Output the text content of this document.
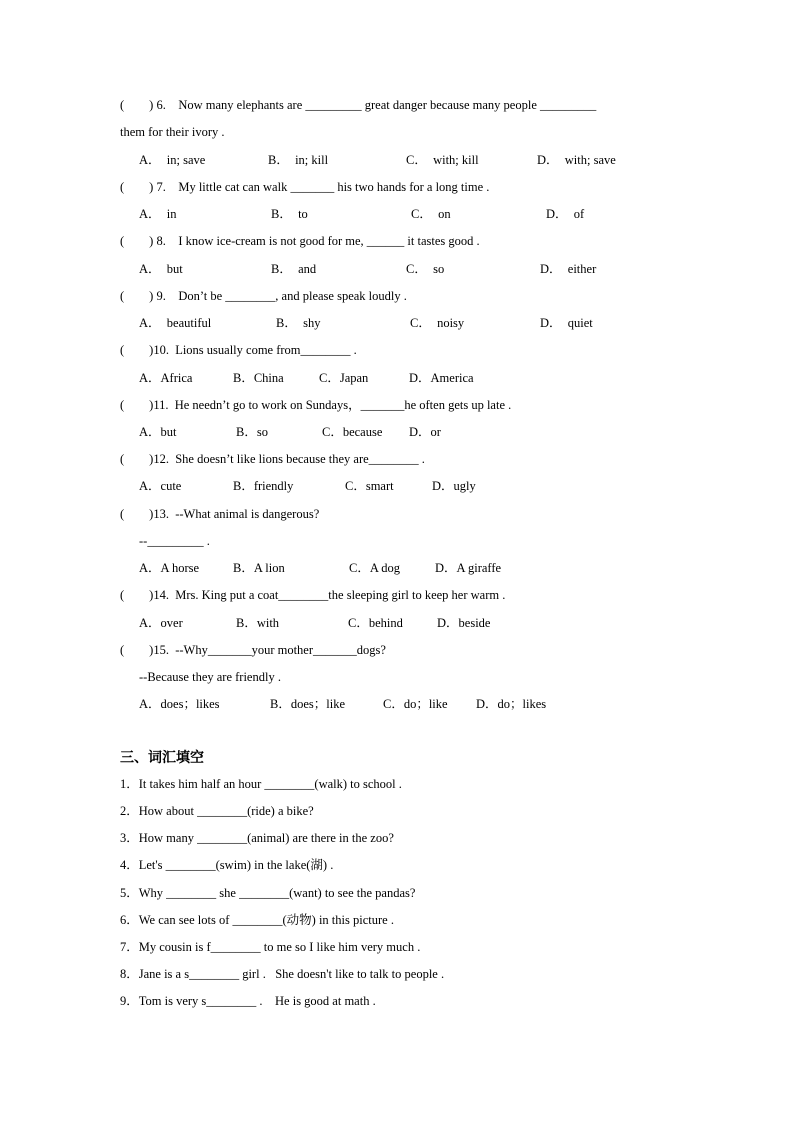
(        ) 6.    Now many elephants are _________ great danger because many people _________
them for their ivory .
A．  in; save	B．  in; kill	C．  with; kill	D．  with; save
(        ) 7.    My little cat can walk _______ his two hands for a long time .
A．  in	B．  to	C．  on	D．  of
(        ) 8.    I know ice-cream is not good for me, ______ it tastes good .
A．  but	B．  and	C．  so	D．  either
(        ) 9.    Don’t be ________, and please speak loudly .
A．  beautiful	B．  shy	C．  noisy	D．  quiet
(        )10.  Lions usually come from________ .
A．Africa	B．China	C．Japan	D．America
(        )11.  He needn’t go to work on Sundays，_______he often gets up late .
A．but	B．so	C．because D．or
(        )12.  She doesn’t like lions because they are________ .
A．cute	B．friendly	C．smart	D．ugly
(        )13.  --What animal is dangerous?
--_________ .
A．A horse	B．A lion	C．A dog	D．A giraffe
(        )14.  Mrs. King put a coat________the sleeping girl to keep her warm .
A．over	B．with	C．behind	D．beside
(        )15.  --Why_______your mother_______dogs?
--Because they are friendly .
A．does；likes	B．does；like	C．do；like D．do；likes
三、词汇填空
1．It takes him half an hour ________(walk) to school .
2．How about ________(ride) a bike?
3．How many ________(animal) are there in the zoo?
4．Let's ________(swim) in the lake(湖) .
5．Why ________ she ________(want) to see the pandas?
6．We can see lots of ________(动物) in this picture .
7．My cousin is f________ to me so I like him very much .
8．Jane is a s________ girl .   She doesn't like to talk to people .
9．Tom is very s________ .    He is good at math .
